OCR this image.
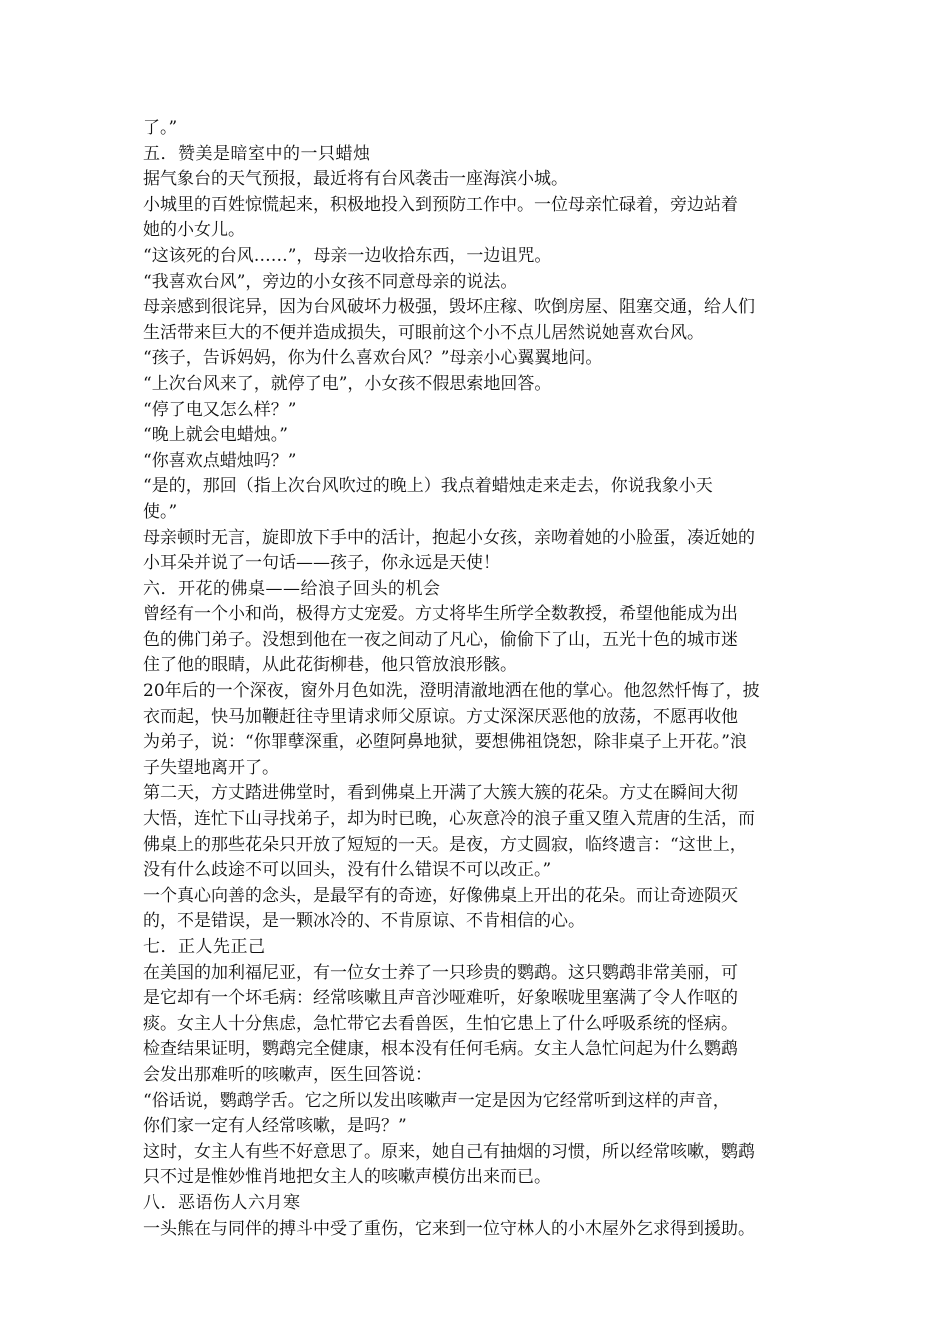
了。”
五．赞美是暗室中的一只蜡烛
据气象台的天气预报，最近将有台风袭击一座海滨小城。
小城里的百姓惊慌起来，积极地投入到预防工作中。一位母亲忙碌着，旁边站着
她的小女儿。
“这该死的台风……”，母亲一边收拾东西，一边诅咒。
“我喜欢台风”，旁边的小女孩不同意母亲的说法。
母亲感到很诧异，因为台风破坏力极强，毁坏庄稼、吹倒房屋、阻塞交通，给人们
生活带来巨大的不便并造成损失，可眼前这个小不点儿居然说她喜欢台风。
“孩子，告诉妈妈，你为什么喜欢台风？”母亲小心翼翼地问。
“上次台风来了，就停了电”，小女孩不假思索地回答。
“停了电又怎么样？”
“晚上就会电蜡烛。”
“你喜欢点蜡烛吗？”
“是的，那回（指上次台风吹过的晚上）我点着蜡烛走来走去，你说我象小天
使。”
母亲顿时无言，旋即放下手中的活计，抱起小女孩，亲吻着她的小脸蛋，凑近她的
小耳朵并说了一句话——孩子，你永远是天使！
六．开花的佛桌——给浪子回头的机会
曾经有一个小和尚，极得方丈宠爱。方丈将毕生所学全数教授，希望他能成为出
色的佛门弟子。没想到他在一夜之间动了凡心，偷偷下了山，五光十色的城市迷
住了他的眼睛，从此花街柳巷，他只管放浪形骸。
20年后的一个深夜，窗外月色如洗，澄明清澈地洒在他的掌心。他忽然忏悔了，披
衣而起，快马加鞭赶往寺里请求师父原谅。方丈深深厌恶他的放荡，不愿再收他
为弟子，说：“你罪孽深重，必堕阿鼻地狱，要想佛祖饶恕，除非桌子上开花。”浪
子失望地离开了。
第二天，方丈踏进佛堂时，看到佛桌上开满了大簇大簇的花朵。方丈在瞬间大彻
大悟，连忙下山寻找弟子，却为时已晚，心灰意冷的浪子重又堕入荒唐的生活，而
佛桌上的那些花朵只开放了短短的一天。是夜，方丈圆寂，临终遗言：“这世上，
没有什么歧途不可以回头，没有什么错误不可以改正。”
一个真心向善的念头，是最罕有的奇迹，好像佛桌上开出的花朵。而让奇迹陨灭
的，不是错误，是一颗冰冷的、不肯原谅、不肯相信的心。
七．正人先正己
在美国的加利福尼亚，有一位女士养了一只珍贵的鹦鹉。这只鹦鹉非常美丽，可
是它却有一个坏毛病：经常咳嗽且声音沙哑难听，好象喉咙里塞满了令人作呕的
痰。女主人十分焦虑，急忙带它去看兽医，生怕它患上了什么呼吸系统的怪病。
检查结果证明，鹦鹉完全健康，根本没有任何毛病。女主人急忙问起为什么鹦鹉
会发出那难听的咳嗽声，医生回答说：
“俗话说，鹦鹉学舌。它之所以发出咳嗽声一定是因为它经常听到这样的声音，
你们家一定有人经常咳嗽，是吗？”
这时，女主人有些不好意思了。原来，她自己有抽烟的习惯，所以经常咳嗽，鹦鹉
只不过是惟妙惟肖地把女主人的咳嗽声模仿出来而已。
八．恶语伤人六月寒
一头熊在与同伴的搏斗中受了重伤，它来到一位守林人的小木屋外乞求得到援助。
